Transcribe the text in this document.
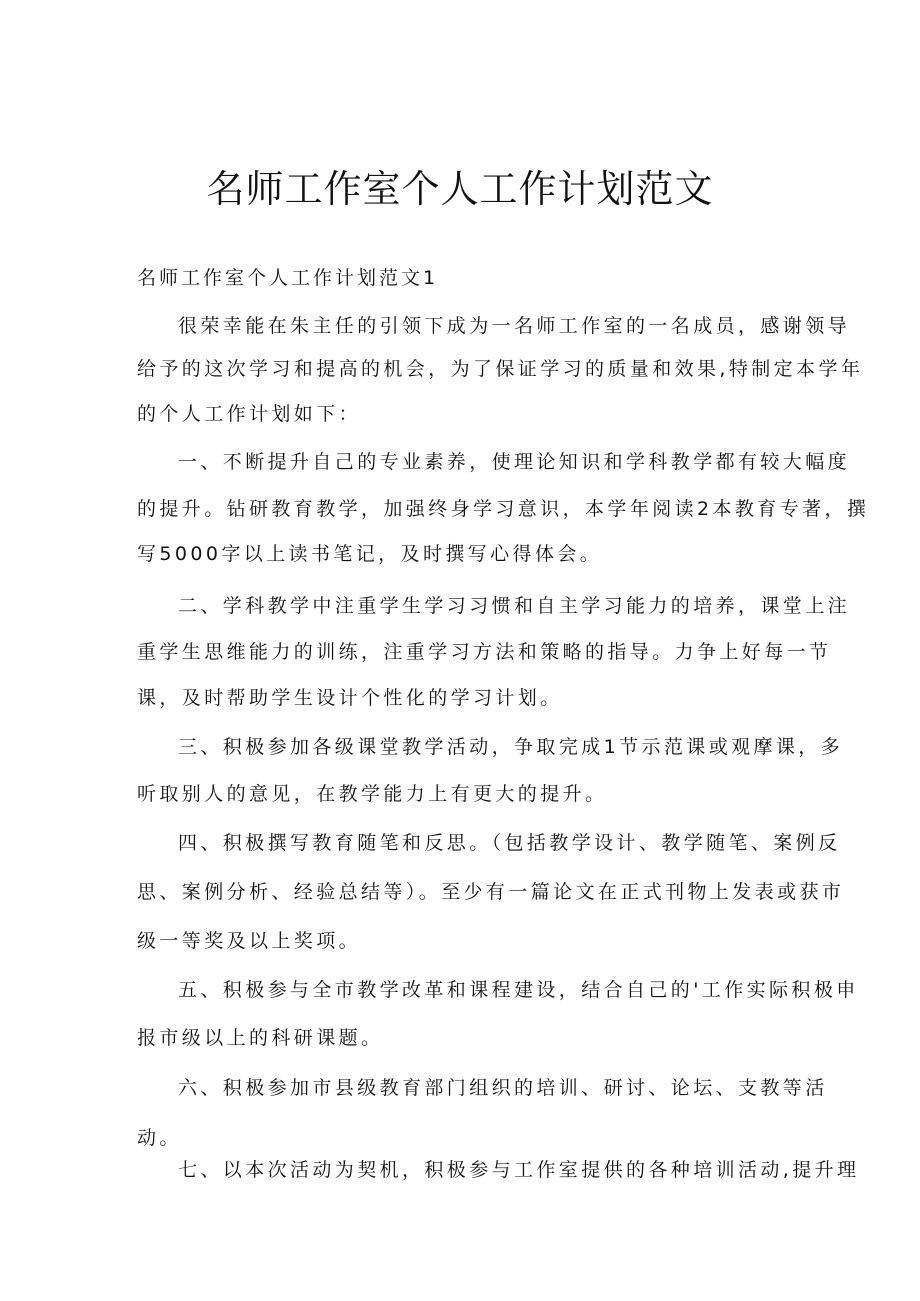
名师工作室个人工作计划范文
名师工作室个人工作计划范文1
很荣幸能在朱主任的引领下成为一名师工作室的一名成员，感谢领导
给予的这次学习和提高的机会，为了保证学习的质量和效果,特制定本学年
的个人工作计划如下：
一、不断提升自己的专业素养，使理论知识和学科教学都有较大幅度
的提升。钻研教育教学，加强终身学习意识，本学年阅读2本教育专著，撰
写5000字以上读书笔记，及时撰写心得体会。
二、学科教学中注重学生学习习惯和自主学习能力的培养，课堂上注
重学生思维能力的训练，注重学习方法和策略的指导。力争上好每一节
课，及时帮助学生设计个性化的学习计划。
三、积极参加各级课堂教学活动，争取完成1节示范课或观摩课，多
听取别人的意见，在教学能力上有更大的提升。
四、积极撰写教育随笔和反思。（包括教学设计、教学随笔、案例反
思、案例分析、经验总结等）。至少有一篇论文在正式刊物上发表或获市
级一等奖及以上奖项。
五、积极参与全市教学改革和课程建设，结合自己的'工作实际积极申
报市级以上的科研课题。
六、积极参加市县级教育部门组织的培训、研讨、论坛、支教等活
动。
七、以本次活动为契机，积极参与工作室提供的各种培训活动,提升理
